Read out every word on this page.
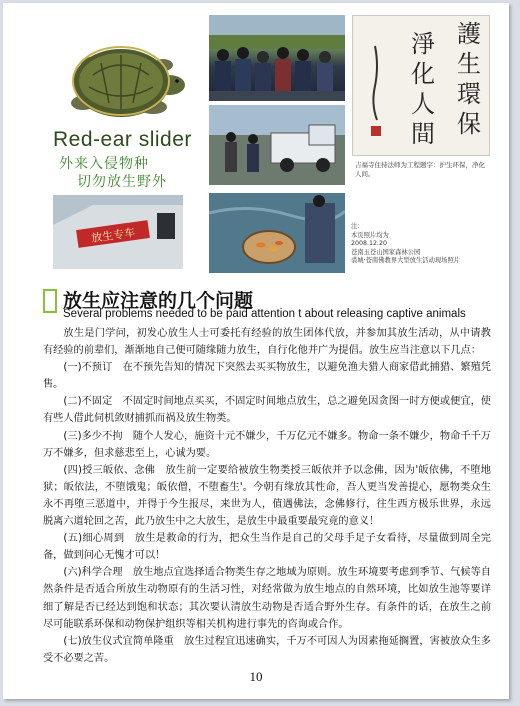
護
生
環
保
淨
化
人
間
吉福寺住持法师为工程题字：护生环保，净化人间。
Red-ear slider
外来入侵物种
切勿放生野外
放生专车	注：
本页照片均为
2008.12.20
苍南玉苍山国家森林公园
裘城·苍南佛教界大型放生活动现场照片
放生应注意的几个问题
Several problems needed to be paid attention t about releasing captive animals

放生是门学问，初发心放生人士可委托有经验的放生团体代放，并参加其放生活动，从中请教有经验的前辈们，渐渐地自己便可随缘随力放生，自行化他并广为提倡。放生应当注意以下几点：

(一)不预订　在不预先告知的情况下突然去买买物放生，以避免渔夫猎人商家借此捕猎、繁殖凭售。

(二)不固定　不固定时间地点买买，不固定时间地点放生，总之避免因贪图一时方便或便宜，使有些人借此伺机敛财捕抓而祸及放生物类。

(三)多少不拘　随个人发心，施资十元不嫌少，千万亿元不嫌多。物命一条不嫌少，物命千千万万不嫌多，但求慈悲至上，心诚为要。

(四)授三皈依、念佛　放生前一定要给被放生物类授三皈依并予以念佛，因为'皈依佛，不堕地狱；皈依法，不堕饿鬼；皈依僧，不堕畜生'。今朝有缘放其性命，吾人更当发善提心，愿物类众生永不再堕三恶道中，并得于今生报尽，来世为人，值遇佛法，念佛修行，往生西方极乐世界，永远脱离六道轮回之苦，此乃放生中之大放生，是放生中最重要最究竟的意义！

(五)细心周到　放生是救命的行为，把众生当作是自己的父母手足子女看待，尽量做到周全完备，做到问心无愧才可以！

(六)科学合理　放生地点宜选择适合物类生存之地域为原则。放生环境要考虑到季节、气候等自然条件是否适合所放生动物原有的生活习性，对经常做为放生地点的自然环境，比如放生池等要详细了解是否已经达到饱和状态；其次要认清放生动物是否适合野外生存。有条件的话，在放生之前尽可能联系环保和动物保护组织等相关机构进行事先的咨询或合作。

(七)放生仪式宜简单隆重　放生过程宜迅速确实，千万不可因人为因素拖延搁置，害被放众生多受不必要之苦。

10
